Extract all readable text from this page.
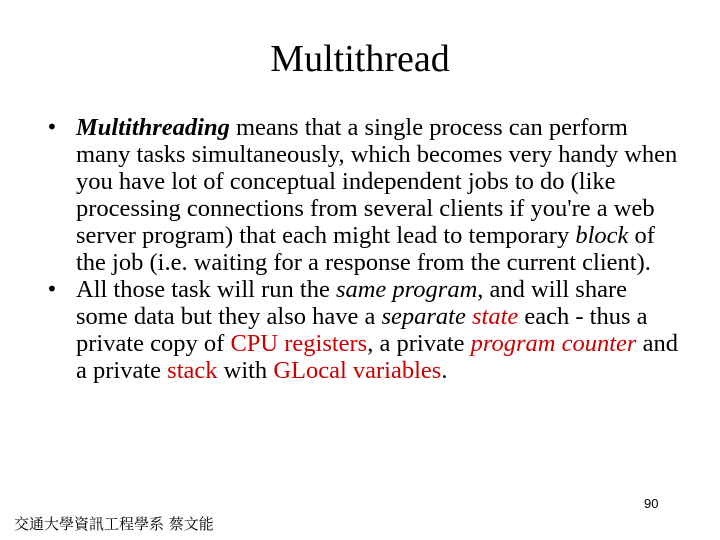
Multithread

• Multithreading means that a single process can perform many tasks simultaneously, which becomes very handy when you have lot of conceptual independent jobs to do (like processing connections from several clients if you're a web server program) that each might lead to temporary block of the job (i.e. waiting for a response from the current client).

• All those task will run the same program, and will share some data but they also have a separate state each - thus a private copy of CPU registers, a private program counter and a private stack with GLocal variables.

90
交通大學資訊工程學系 蔡文能
